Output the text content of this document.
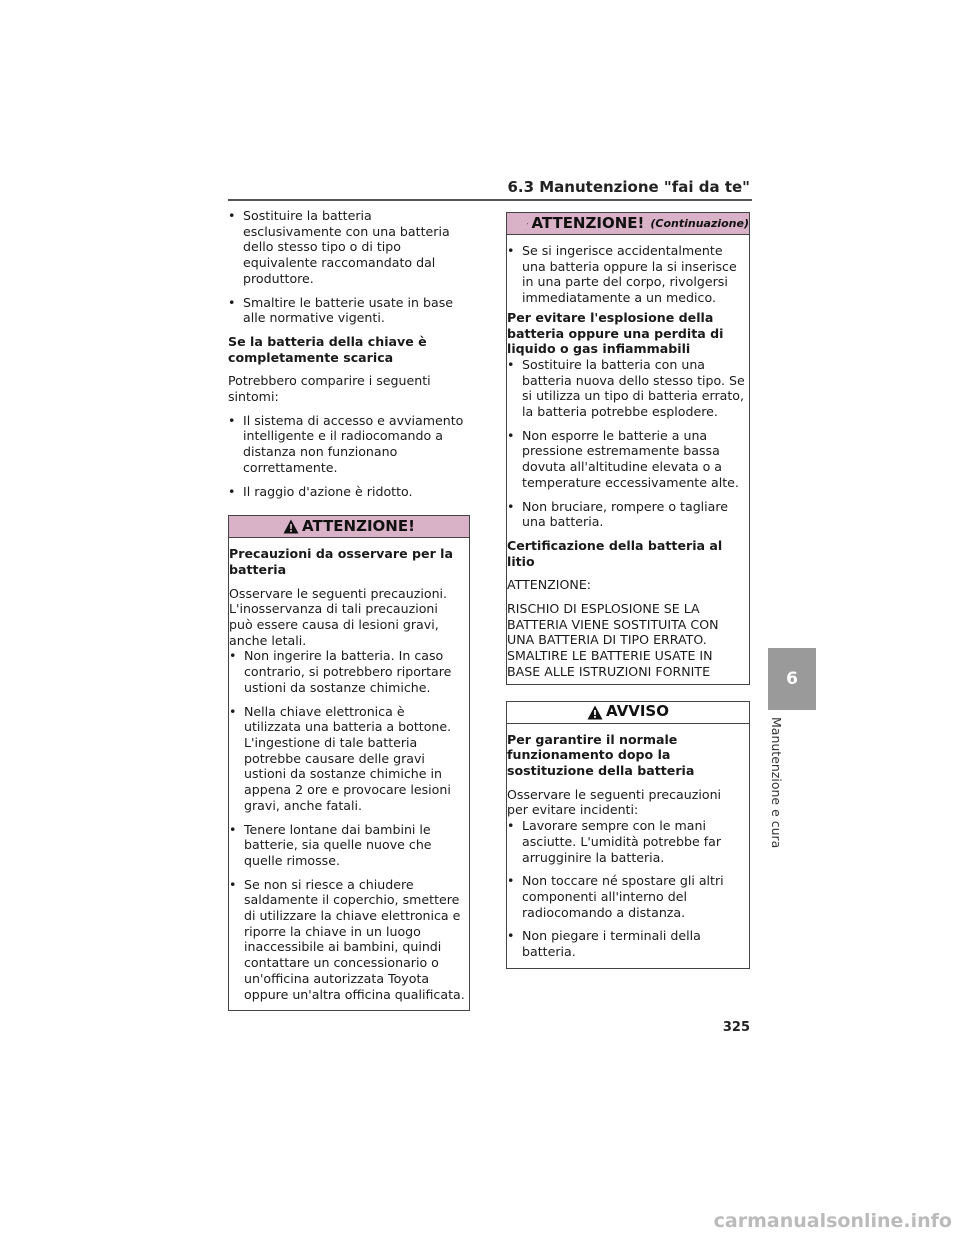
6.3 Manutenzione "fai da te"
• Sostituire la batteria esclusivamente con una batteria dello stesso tipo o di tipo equivalente raccomandato dal produttore.
• Smaltire le batterie usate in base alle normative vigenti.
Se la batteria della chiave è completamente scarica
Potrebbero comparire i seguenti sintomi:
• Il sistema di accesso e avviamento intelligente e il radiocomando a distanza non funzionano correttamente.
• Il raggio d'azione è ridotto.
ATTENZIONE!
Precauzioni da osservare per la batteria
Osservare le seguenti precauzioni. L'inosservanza di tali precauzioni può essere causa di lesioni gravi, anche letali.
• Non ingerire la batteria. In caso contrario, si potrebbero riportare ustioni da sostanze chimiche.
• Nella chiave elettronica è utilizzata una batteria a bottone. L'ingestione di tale batteria potrebbe causare delle gravi ustioni da sostanze chimiche in appena 2 ore e provocare lesioni gravi, anche fatali.
• Tenere lontane dai bambini le batterie, sia quelle nuove che quelle rimosse.
• Se non si riesce a chiudere saldamente il coperchio, smettere di utilizzare la chiave elettronica e riporre la chiave in un luogo inaccessibile ai bambini, quindi contattare un concessionario o un'officina autorizzata Toyota oppure un'altra officina qualificata.
ATTENZIONE! (Continuazione)
• Se si ingerisce accidentalmente una batteria oppure la si inserisce in una parte del corpo, rivolgersi immediatamente a un medico.
Per evitare l'esplosione della batteria oppure una perdita di liquido o gas infiammabili
• Sostituire la batteria con una batteria nuova dello stesso tipo. Se si utilizza un tipo di batteria errato, la batteria potrebbe esplodere.
• Non esporre le batterie a una pressione estremamente bassa dovuta all'altitudine elevata o a temperature eccessivamente alte.
• Non bruciare, rompere o tagliare una batteria.
Certificazione della batteria al litio
ATTENZIONE:
RISCHIO DI ESPLOSIONE SE LA BATTERIA VIENE SOSTITUITA CON UNA BATTERIA DI TIPO ERRATO. SMALTIRE LE BATTERIE USATE IN BASE ALLE ISTRUZIONI FORNITE
AVVISO
Per garantire il normale funzionamento dopo la sostituzione della batteria
Osservare le seguenti precauzioni per evitare incidenti:
• Lavorare sempre con le mani asciutte. L'umidità potrebbe far arrugginire la batteria.
• Non toccare né spostare gli altri componenti all'interno del radiocomando a distanza.
• Non piegare i terminali della batteria.
6
Manutenzione e cura
325
carmanualsonline.info
